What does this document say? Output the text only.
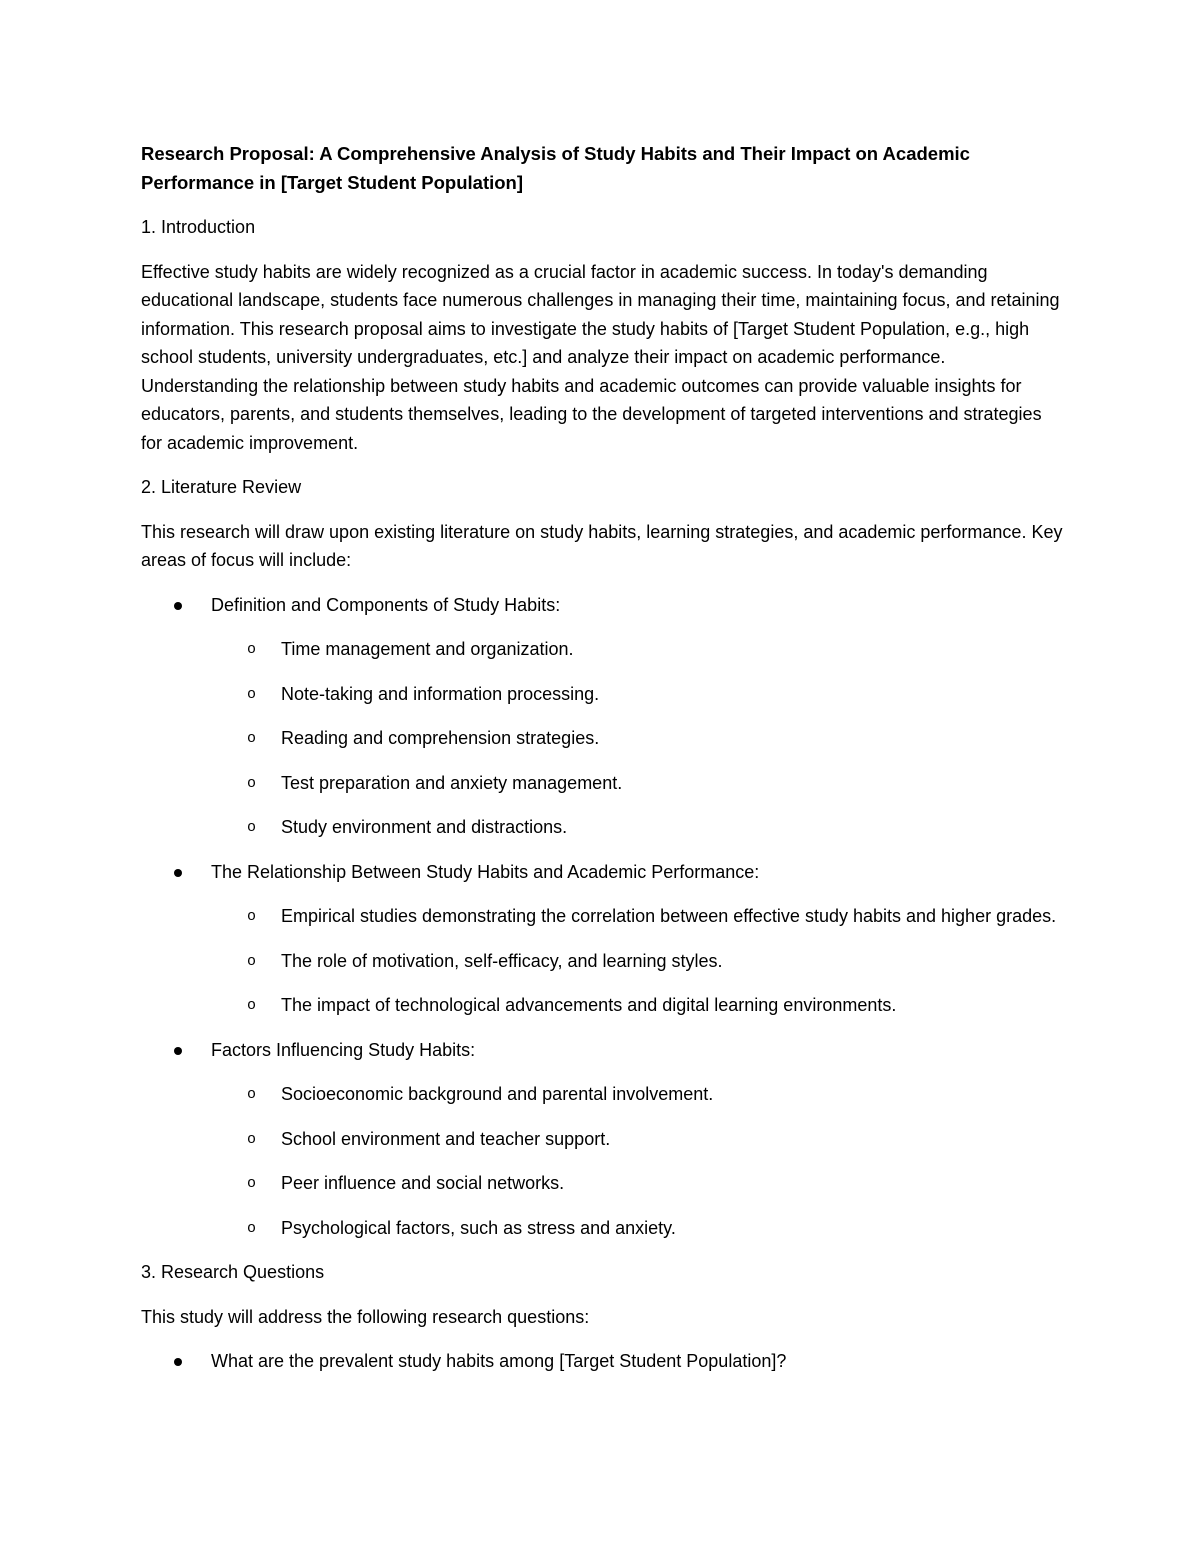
Research Proposal: A Comprehensive Analysis of Study Habits and Their Impact on Academic Performance in [Target Student Population]
1. Introduction
Effective study habits are widely recognized as a crucial factor in academic success. In today's demanding educational landscape, students face numerous challenges in managing their time, maintaining focus, and retaining information. This research proposal aims to investigate the study habits of [Target Student Population, e.g., high school students, university undergraduates, etc.] and analyze their impact on academic performance. Understanding the relationship between study habits and academic outcomes can provide valuable insights for educators, parents, and students themselves, leading to the development of targeted interventions and strategies for academic improvement.
2. Literature Review
This research will draw upon existing literature on study habits, learning strategies, and academic performance. Key areas of focus will include:
Definition and Components of Study Habits:
o Time management and organization.
o Note-taking and information processing.
o Reading and comprehension strategies.
o Test preparation and anxiety management.
o Study environment and distractions.
The Relationship Between Study Habits and Academic Performance:
o Empirical studies demonstrating the correlation between effective study habits and higher grades.
o The role of motivation, self-efficacy, and learning styles.
o The impact of technological advancements and digital learning environments.
Factors Influencing Study Habits:
o Socioeconomic background and parental involvement.
o School environment and teacher support.
o Peer influence and social networks.
o Psychological factors, such as stress and anxiety.
3. Research Questions
This study will address the following research questions:
What are the prevalent study habits among [Target Student Population]?
